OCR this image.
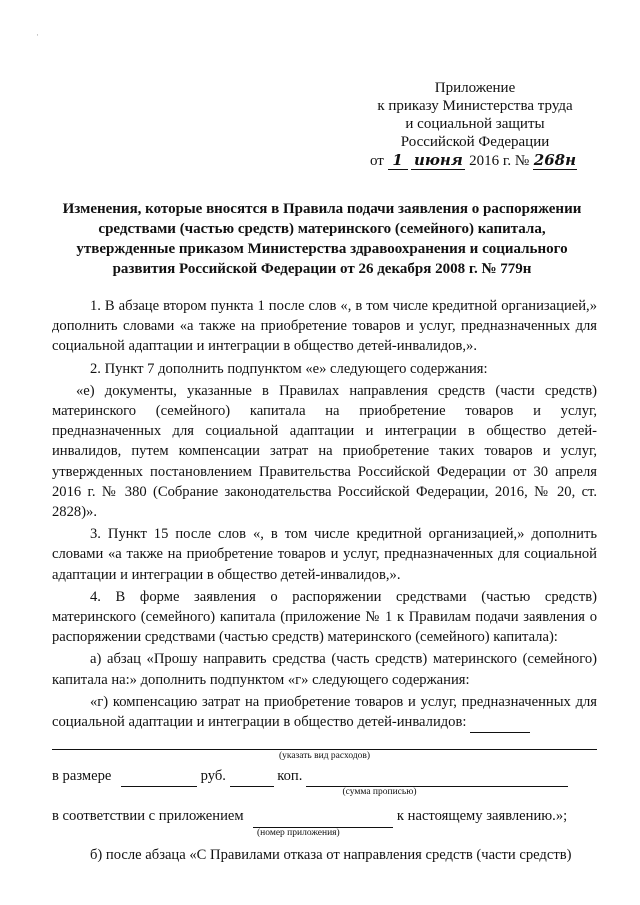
·
Приложение
к приказу Министерства труда
и социальной защиты
Российской Федерации
от 1 июня 2016 г. № 268н
Изменения, которые вносятся в Правила подачи заявления о распоряжении средствами (частью средств) материнского (семейного) капитала, утвержденные приказом Министерства здравоохранения и социального развития Российской Федерации от 26 декабря 2008 г. № 779н

1. В абзаце втором пункта 1 после слов «, в том числе кредитной организацией,» дополнить словами «а также на приобретение товаров и услуг, предназначенных для социальной адаптации и интеграции в общество детей-инвалидов,».

2. Пункт 7 дополнить подпунктом «е» следующего содержания:

«е) документы, указанные в Правилах направления средств (части средств) материнского (семейного) капитала на приобретение товаров и услуг, предназначенных для социальной адаптации и интеграции в общество детей-инвалидов, путем компенсации затрат на приобретение таких товаров и услуг, утвержденных постановлением Правительства Российской Федерации от 30 апреля 2016 г. № 380 (Собрание законодательства Российской Федерации, 2016, № 20, ст. 2828)».

3. Пункт 15 после слов «, в том числе кредитной организацией,» дополнить словами «а также на приобретение товаров и услуг, предназначенных для социальной адаптации и интеграции в общество детей-инвалидов,».

4. В форме заявления о распоряжении средствами (частью средств) материнского (семейного) капитала (приложение № 1 к Правилам подачи заявления о распоряжении средствами (частью средств) материнского (семейного) капитала):

а) абзац «Прошу направить средства (часть средств) материнского (семейного) капитала на:» дополнить подпунктом «г» следующего содержания:

«г) компенсацию затрат на приобретение товаров и услуг, предназначенных для социальной адаптации и интеграции в общество детей-инвалидов:

(указать вид расходов)
в размере	руб.	коп.
(сумма прописью)
в соответствии с приложением	к настоящему заявлению.»;
(номер приложения)

б) после абзаца «С Правилами отказа от направления средств (части средств)
